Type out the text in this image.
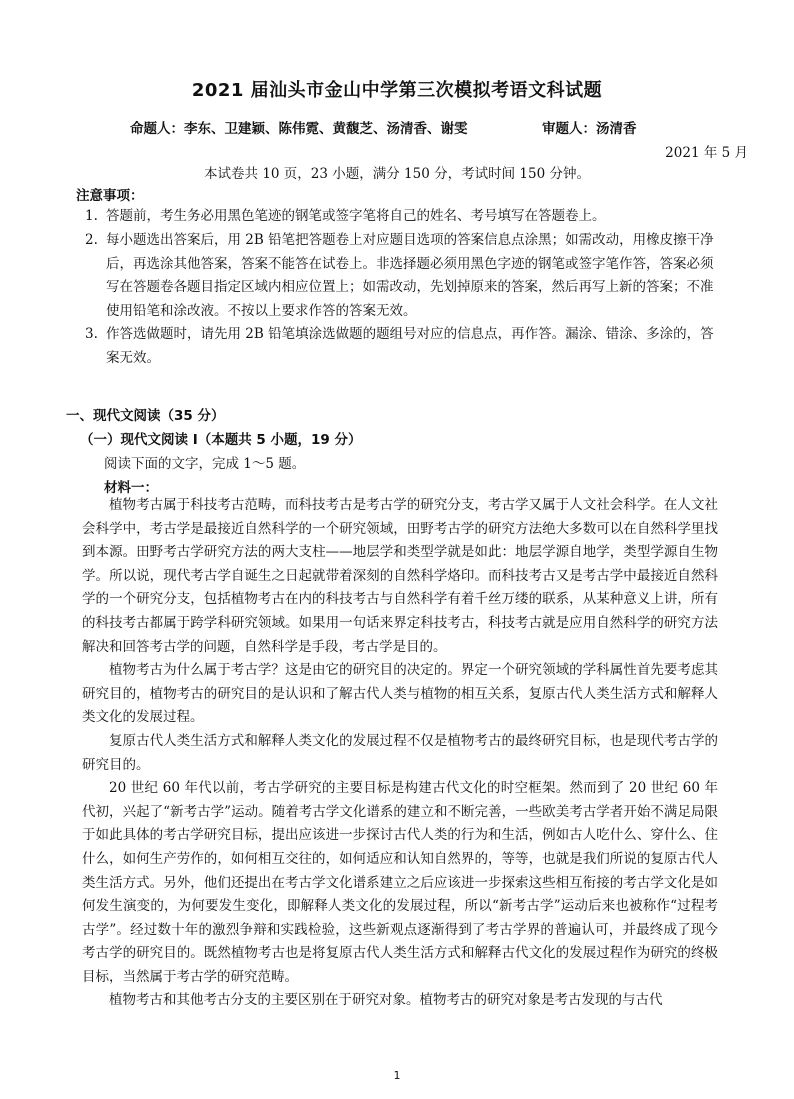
2021 届汕头市金山中学第三次模拟考语文科试题
命题人：李东、卫建颖、陈伟霓、黄馥芝、汤清香、谢雯	审题人：汤清香
2021 年 5 月
本试卷共 10 页，23 小题，满分 150 分，考试时间 150 分钟。
注意事项：
1. 答题前，考生务必用黑色笔迹的钢笔或签字笔将自己的姓名、考号填写在答题卷上。
2. 每小题选出答案后，用 2B 铅笔把答题卷上对应题目选项的答案信息点涂黑；如需改动，用橡皮擦干净后，再选涂其他答案，答案不能答在试卷上。非选择题必须用黑色字迹的钢笔或签字笔作答，答案必须写在答题卷各题目指定区域内相应位置上；如需改动，先划掉原来的答案，然后再写上新的答案；不准使用铅笔和涂改液。不按以上要求作答的答案无效。
3. 作答选做题时，请先用 2B 铅笔填涂选做题的题组号对应的信息点，再作答。漏涂、错涂、多涂的，答案无效。
一、现代文阅读（35 分）
（一）现代文阅读 I（本题共 5 小题，19 分）
阅读下面的文字，完成 1～5 题。
材料一：

植物考古属于科技考古范畴，而科技考古是考古学的研究分支，考古学又属于人文社会科学。在人文社会科学中，考古学是最接近自然科学的一个研究领域，田野考古学的研究方法绝大多数可以在自然科学里找到本源。田野考古学研究方法的两大支柱——地层学和类型学就是如此：地层学源自地学，类型学源自生物学。所以说，现代考古学自诞生之日起就带着深刻的自然科学烙印。而科技考古又是考古学中最接近自然科学的一个研究分支，包括植物考古在内的科技考古与自然科学有着千丝万缕的联系，从某种意义上讲，所有的科技考古都属于跨学科研究领域。如果用一句话来界定科技考古，科技考古就是应用自然科学的研究方法解决和回答考古学的问题，自然科学是手段，考古学是目的。

植物考古为什么属于考古学？这是由它的研究目的决定的。界定一个研究领域的学科属性首先要考虑其研究目的，植物考古的研究目的是认识和了解古代人类与植物的相互关系，复原古代人类生活方式和解释人类文化的发展过程。

复原古代人类生活方式和解释人类文化的发展过程不仅是植物考古的最终研究目标，也是现代考古学的研究目的。

20 世纪 60 年代以前，考古学研究的主要目标是构建古代文化的时空框架。然而到了 20 世纪 60 年代初，兴起了“新考古学”运动。随着考古学文化谱系的建立和不断完善，一些欧美考古学者开始不满足局限于如此具体的考古学研究目标，提出应该进一步探讨古代人类的行为和生活，例如古人吃什么、穿什么、住什么，如何生产劳作的，如何相互交往的，如何适应和认知自然界的，等等，也就是我们所说的复原古代人类生活方式。另外，他们还提出在考古学文化谱系建立之后应该进一步探索这些相互衔接的考古学文化是如何发生演变的，为何要发生变化，即解释人类文化的发展过程，所以“新考古学”运动后来也被称作“过程考古学”。经过数十年的激烈争辩和实践检验，这些新观点逐渐得到了考古学界的普遍认可，并最终成了现今考古学的研究目的。既然植物考古也是将复原古代人类生活方式和解释古代文化的发展过程作为研究的终极目标，当然属于考古学的研究范畴。

植物考古和其他考古分支的主要区别在于研究对象。植物考古的研究对象是考古发现的与古代

1
